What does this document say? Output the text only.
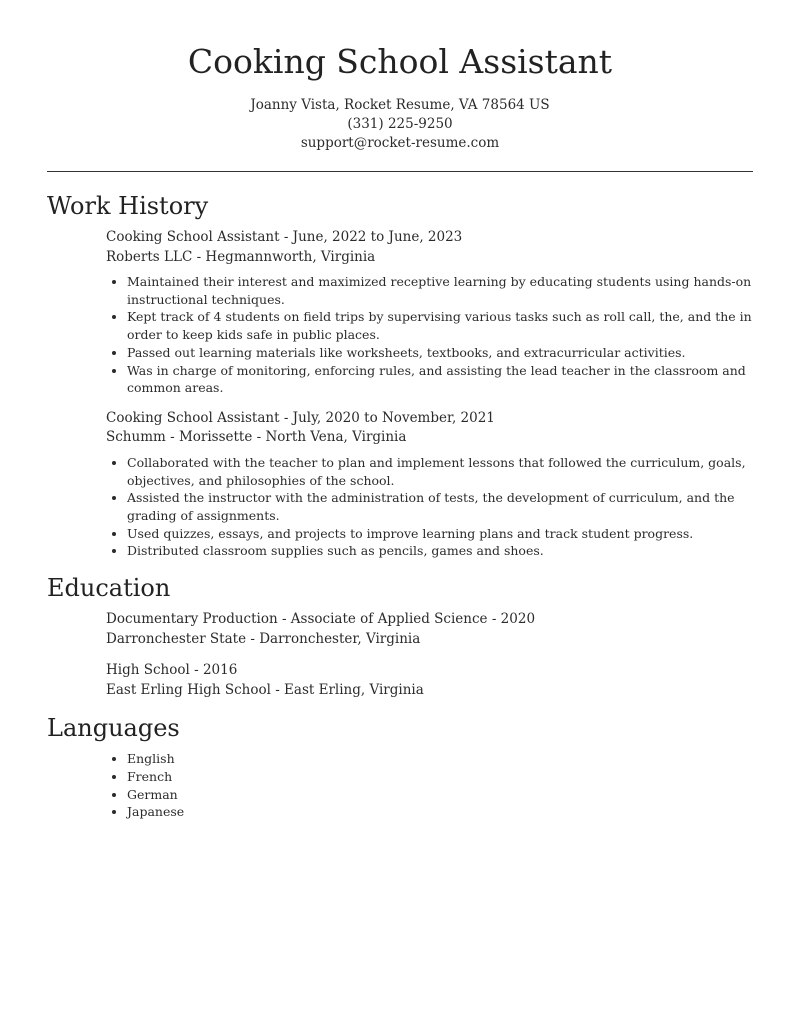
Cooking School Assistant
Joanny Vista, Rocket Resume, VA 78564 US
(331) 225-9250
support@rocket-resume.com
Work History
Cooking School Assistant - June, 2022 to June, 2023
Roberts LLC - Hegmannworth, Virginia
• Maintained their interest and maximized receptive learning by educating students using hands-on instructional techniques.
• Kept track of 4 students on field trips by supervising various tasks such as roll call, the, and the in order to keep kids safe in public places.
• Passed out learning materials like worksheets, textbooks, and extracurricular activities.
• Was in charge of monitoring, enforcing rules, and assisting the lead teacher in the classroom and common areas.
Cooking School Assistant - July, 2020 to November, 2021
Schumm - Morissette - North Vena, Virginia
• Collaborated with the teacher to plan and implement lessons that followed the curriculum, goals, objectives, and philosophies of the school.
• Assisted the instructor with the administration of tests, the development of curriculum, and the grading of assignments.
• Used quizzes, essays, and projects to improve learning plans and track student progress.
• Distributed classroom supplies such as pencils, games and shoes.
Education
Documentary Production - Associate of Applied Science - 2020
Darronchester State - Darronchester, Virginia
High School - 2016
East Erling High School - East Erling, Virginia
Languages
• English
• French
• German
• Japanese
